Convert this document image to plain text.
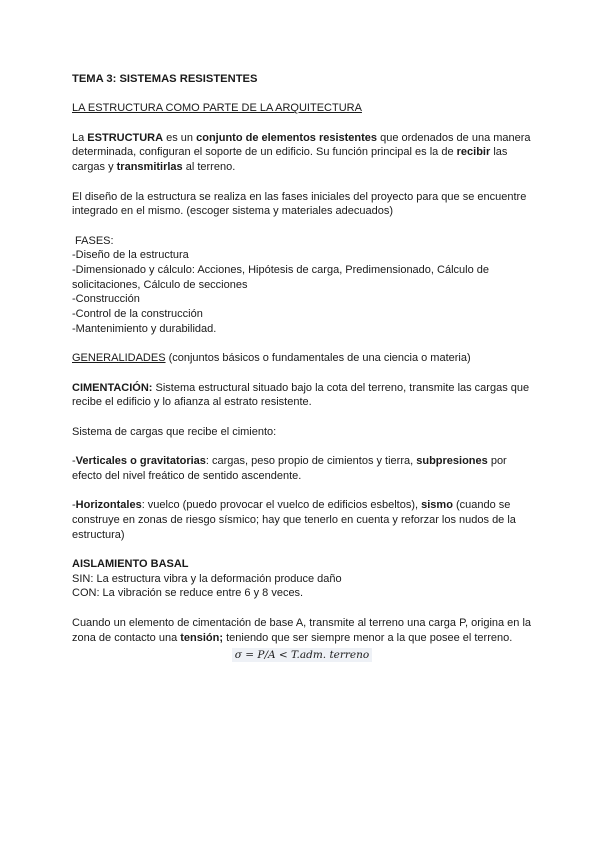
TEMA 3: SISTEMAS RESISTENTES

LA ESTRUCTURA COMO PARTE DE LA ARQUITECTURA

La ESTRUCTURA es un conjunto de elementos resistentes que ordenados de una manera determinada, configuran el soporte de un edificio. Su función principal es la de recibir las cargas y transmitirlas al terreno.

El diseño de la estructura se realiza en las fases iniciales del proyecto para que se encuentre integrado en el mismo. (escoger sistema y materiales adecuados)

FASES:

-Diseño de la estructura

-Dimensionado y cálculo: Acciones, Hipótesis de carga, Predimensionado, Cálculo de solicitaciones, Cálculo de secciones

-Construcción

-Control de la construcción

-Mantenimiento y durabilidad.

GENERALIDADES (conjuntos básicos o fundamentales de una ciencia o materia)

CIMENTACIÓN: Sistema estructural situado bajo la cota del terreno, transmite las cargas que recibe el edificio y lo afianza al estrato resistente.

Sistema de cargas que recibe el cimiento:

-Verticales o gravitatorias: cargas, peso propio de cimientos y tierra, subpresiones por efecto del nivel freático de sentido ascendente.

-Horizontales: vuelco (puedo provocar el vuelco de edificios esbeltos), sismo (cuando se construye en zonas de riesgo sísmico; hay que tenerlo en cuenta y reforzar los nudos de la estructura)

AISLAMIENTO BASAL

SIN: La estructura vibra y la deformación produce daño

CON: La vibración se reduce entre 6 y 8 veces.

Cuando un elemento de cimentación de base A, transmite al terreno una carga P, origina en la zona de contacto una tensión; teniendo que ser siempre menor a la que posee el terreno.

σ = P/A < T.adm. terreno
